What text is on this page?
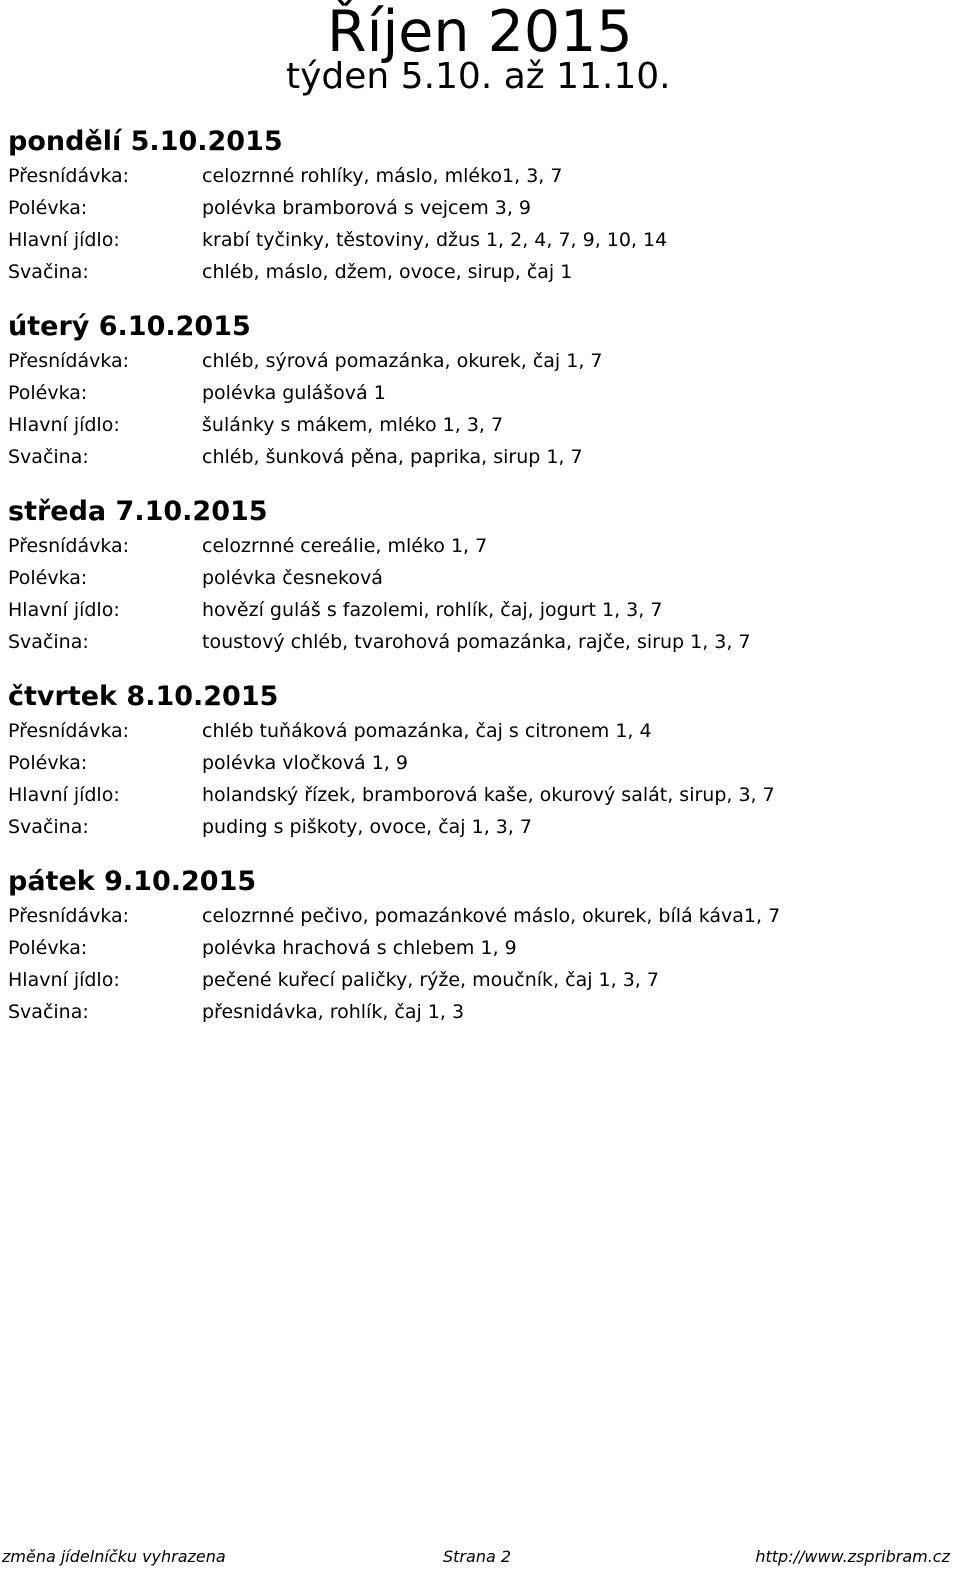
Říjen 2015
týden 5.10. až 11.10.
pondělí 5.10.2015
Přesnídávka:	celozrnné rohlíky, máslo, mléko1, 3, 7
Polévka:	polévka bramborová s vejcem 3, 9
Hlavní jídlo:	krabí tyčinky, těstoviny, džus 1, 2, 4, 7, 9, 10, 14
Svačina:	chléb, máslo, džem, ovoce, sirup, čaj 1
úterý 6.10.2015
Přesnídávka:	chléb, sýrová pomazánka, okurek, čaj 1, 7
Polévka:	polévka gulášová 1
Hlavní jídlo:	šulánky s mákem, mléko 1, 3, 7
Svačina:	chléb, šunková pěna, paprika, sirup 1, 7
středa 7.10.2015
Přesnídávka:	celozrnné cereálie, mléko 1, 7
Polévka:	polévka česneková
Hlavní jídlo:	hovězí guláš s fazolemi, rohlík, čaj, jogurt 1, 3, 7
Svačina:	toustový chléb, tvarohová pomazánka, rajče, sirup 1, 3, 7
čtvrtek 8.10.2015
Přesnídávka:	chléb tuňáková pomazánka, čaj s citronem 1, 4
Polévka:	polévka vločková 1, 9
Hlavní jídlo:	holandský řízek, bramborová kaše, okurový salát, sirup, 3, 7
Svačina:	puding s piškoty, ovoce, čaj 1, 3, 7
pátek 9.10.2015
Přesnídávka:	celozrnné pečivo, pomazánkové máslo, okurek, bílá káva1, 7
Polévka:	polévka hrachová s chlebem 1, 9
Hlavní jídlo:	pečené kuřecí paličky, rýže, moučník, čaj 1, 3, 7
Svačina:	přesnidávka, rohlík, čaj 1, 3
změna jídelníčku vyhrazena	Strana 2	http://www.zspribram.cz
